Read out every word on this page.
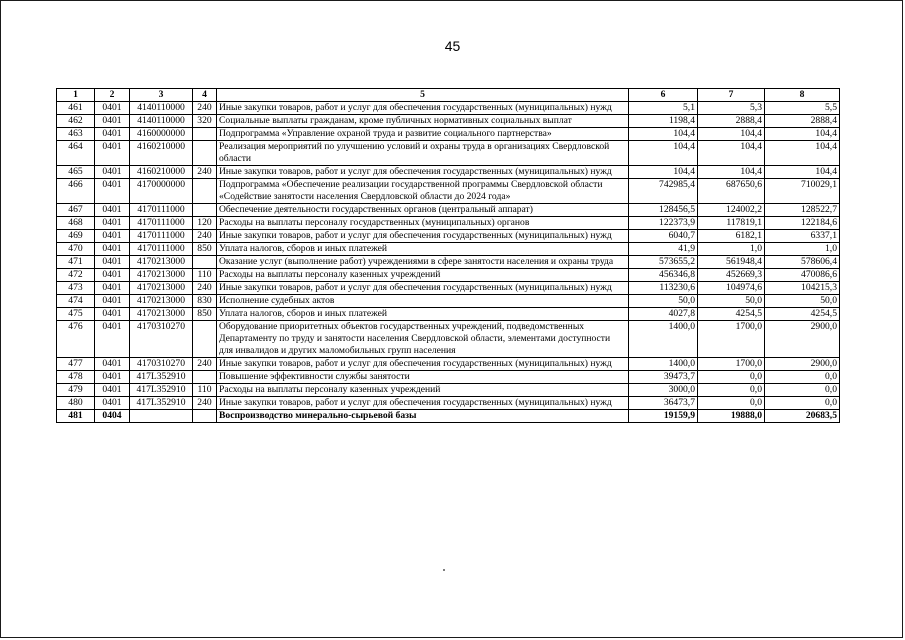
45
1	2	3	4	5	6	7	8
461	0401	4140110000	240	Иные закупки товаров, работ и услуг для обеспечения государственных (муниципальных) нужд	5,1	5,3	5,5
462	0401	4140110000	320	Социальные выплаты гражданам, кроме публичных нормативных социальных выплат	1198,4	2888,4	2888,4
463	0401	4160000000		Подпрограмма «Управление охраной труда и развитие социального партнерства»	104,4	104,4	104,4
464	0401	4160210000		Реализация мероприятий по улучшению условий и охраны труда в организациях Свердловской области	104,4	104,4	104,4
465	0401	4160210000	240	Иные закупки товаров, работ и услуг для обеспечения государственных (муниципальных) нужд	104,4	104,4	104,4
466	0401	4170000000		Подпрограмма «Обеспечение реализации государственной программы Свердловской области «Содействие занятости населения Свердловской области до 2024 года»	742985,4	687650,6	710029,1
467	0401	4170111000		Обеспечение деятельности государственных органов (центральный аппарат)	128456,5	124002,2	128522,7
468	0401	4170111000	120	Расходы на выплаты персоналу государственных (муниципальных) органов	122373,9	117819,1	122184,6
469	0401	4170111000	240	Иные закупки товаров, работ и услуг для обеспечения государственных (муниципальных) нужд	6040,7	6182,1	6337,1
470	0401	4170111000	850	Уплата налогов, сборов и иных платежей	41,9	1,0	1,0
471	0401	4170213000		Оказание услуг (выполнение работ) учреждениями в сфере занятости населения и охраны труда	573655,2	561948,4	578606,4
472	0401	4170213000	110	Расходы на выплаты персоналу казенных учреждений	456346,8	452669,3	470086,6
473	0401	4170213000	240	Иные закупки товаров, работ и услуг для обеспечения государственных (муниципальных) нужд	113230,6	104974,6	104215,3
474	0401	4170213000	830	Исполнение судебных актов	50,0	50,0	50,0
475	0401	4170213000	850	Уплата налогов, сборов и иных платежей	4027,8	4254,5	4254,5
476	0401	4170310270		Оборудование приоритетных объектов государственных учреждений, подведомственных Департаменту по труду и занятости населения Свердловской области, элементами доступности для инвалидов и других маломобильных групп населения	1400,0	1700,0	2900,0
477	0401	4170310270	240	Иные закупки товаров, работ и услуг для обеспечения государственных (муниципальных) нужд	1400,0	1700,0	2900,0
478	0401	417L352910		Повышение эффективности службы занятости	39473,7	0,0	0,0
479	0401	417L352910	110	Расходы на выплаты персоналу казенных учреждений	3000,0	0,0	0,0
480	0401	417L352910	240	Иные закупки товаров, работ и услуг для обеспечения государственных (муниципальных) нужд	36473,7	0,0	0,0
481	0404			Воспроизводство минерально-сырьевой базы	19159,9	19888,0	20683,5
